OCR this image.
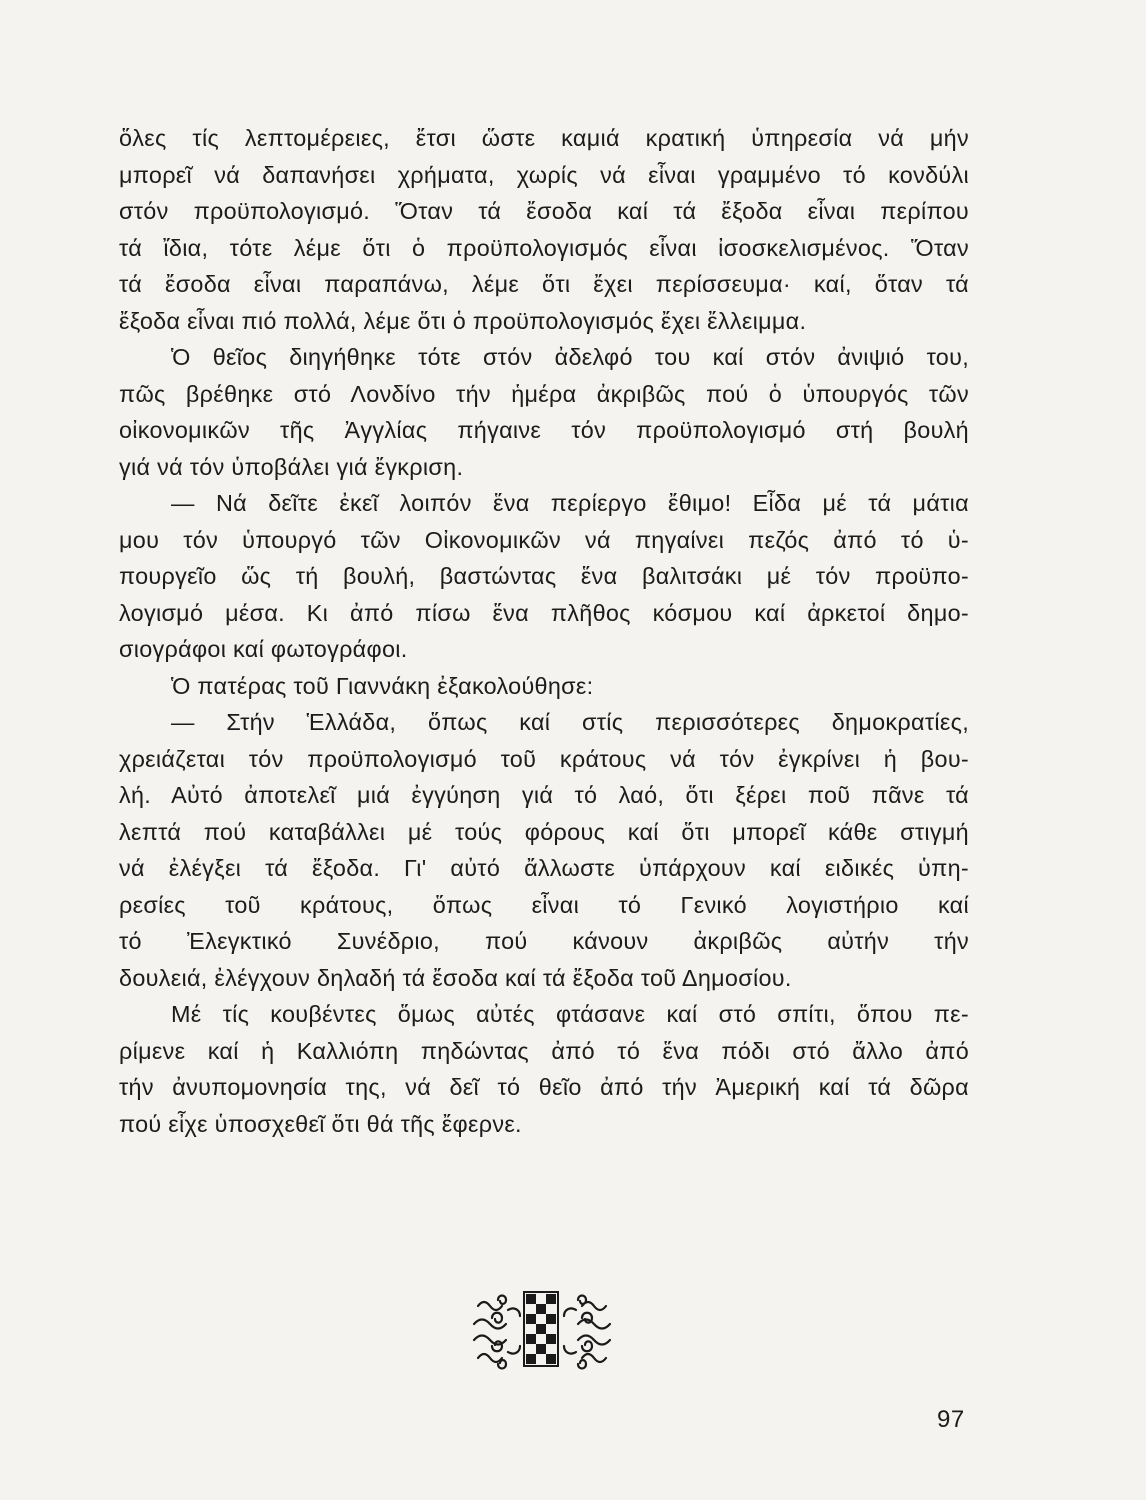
ὅλες τίς λεπτομέρειες, ἔτσι ὥστε καμιά κρατική ὑπηρεσία νά μήν
μπορεῖ νά δαπανήσει χρήματα, χωρίς νά εἶναι γραμμένο τό κονδύλι
στόν προϋπολογισμό. Ὅταν τά ἔσοδα καί τά ἔξοδα εἶναι περίπου
τά ἴδια, τότε λέμε ὅτι ὁ προϋπολογισμός εἶναι ἰσοσκελισμένος. Ὅταν
τά ἔσοδα εἶναι παραπάνω, λέμε ὅτι ἔχει περίσσευμα· καί, ὅταν τά
ἔξοδα εἶναι πιό πολλά, λέμε ὅτι ὁ προϋπολογισμός ἔχει ἔλλειμμα.
Ὁ θεῖος διηγήθηκε τότε στόν ἀδελφό του καί στόν ἀνιψιό του,
πῶς βρέθηκε στό Λονδίνο τήν ἡμέρα ἀκριβῶς πού ὁ ὑπουργός τῶν
οἰκονομικῶν τῆς Ἀγγλίας πήγαινε τόν προϋπολογισμό στή βουλή
γιά νά τόν ὑποβάλει γιά ἔγκριση.
— Νά δεῖτε ἐκεῖ λοιπόν ἕνα περίεργο ἔθιμο! Εἶδα μέ τά μάτια
μου τόν ὑπουργό τῶν Οἰκονομικῶν νά πηγαίνει πεζός ἀπό τό ὑ-
πουργεῖο ὥς τή βουλή, βαστώντας ἕνα βαλιτσάκι μέ τόν προϋπο-
λογισμό μέσα. Κι ἀπό πίσω ἕνα πλῆθος κόσμου καί ἀρκετοί δημο-
σιογράφοι καί φωτογράφοι.
Ὁ πατέρας τοῦ Γιαννάκη ἐξακολούθησε:
— Στήν Ἑλλάδα, ὅπως καί στίς περισσότερες δημοκρατίες,
χρειάζεται τόν προϋπολογισμό τοῦ κράτους νά τόν ἐγκρίνει ἡ βου-
λή. Αὐτό ἀποτελεῖ μιά ἐγγύηση γιά τό λαό, ὅτι ξέρει ποῦ πᾶνε τά
λεπτά πού καταβάλλει μέ τούς φόρους καί ὅτι μπορεῖ κάθε στιγμή
νά ἐλέγξει τά ἔξοδα. Γι' αὐτό ἄλλωστε ὑπάρχουν καί ειδικές ὑπη-
ρεσίες τοῦ κράτους, ὅπως εἶναι τό Γενικό λογιστήριο καί
τό Ἐλεγκτικό Συνέδριο, πού κάνουν ἀκριβῶς αὐτήν τήν
δουλειά, ἐλέγχουν δηλαδή τά ἔσοδα καί τά ἔξοδα τοῦ Δημοσίου.
Μέ τίς κουβέντες ὅμως αὐτές φτάσανε καί στό σπίτι, ὅπου πε-
ρίμενε καί ἡ Καλλιόπη πηδώντας ἀπό τό ἕνα πόδι στό ἄλλο ἀπό
τήν ἀνυπομονησία της, νά δεῖ τό θεῖο ἀπό τήν Ἀμερική καί τά δῶρα
πού εἶχε ὑποσχεθεῖ ὅτι θά τῆς ἔφερνε.
97
